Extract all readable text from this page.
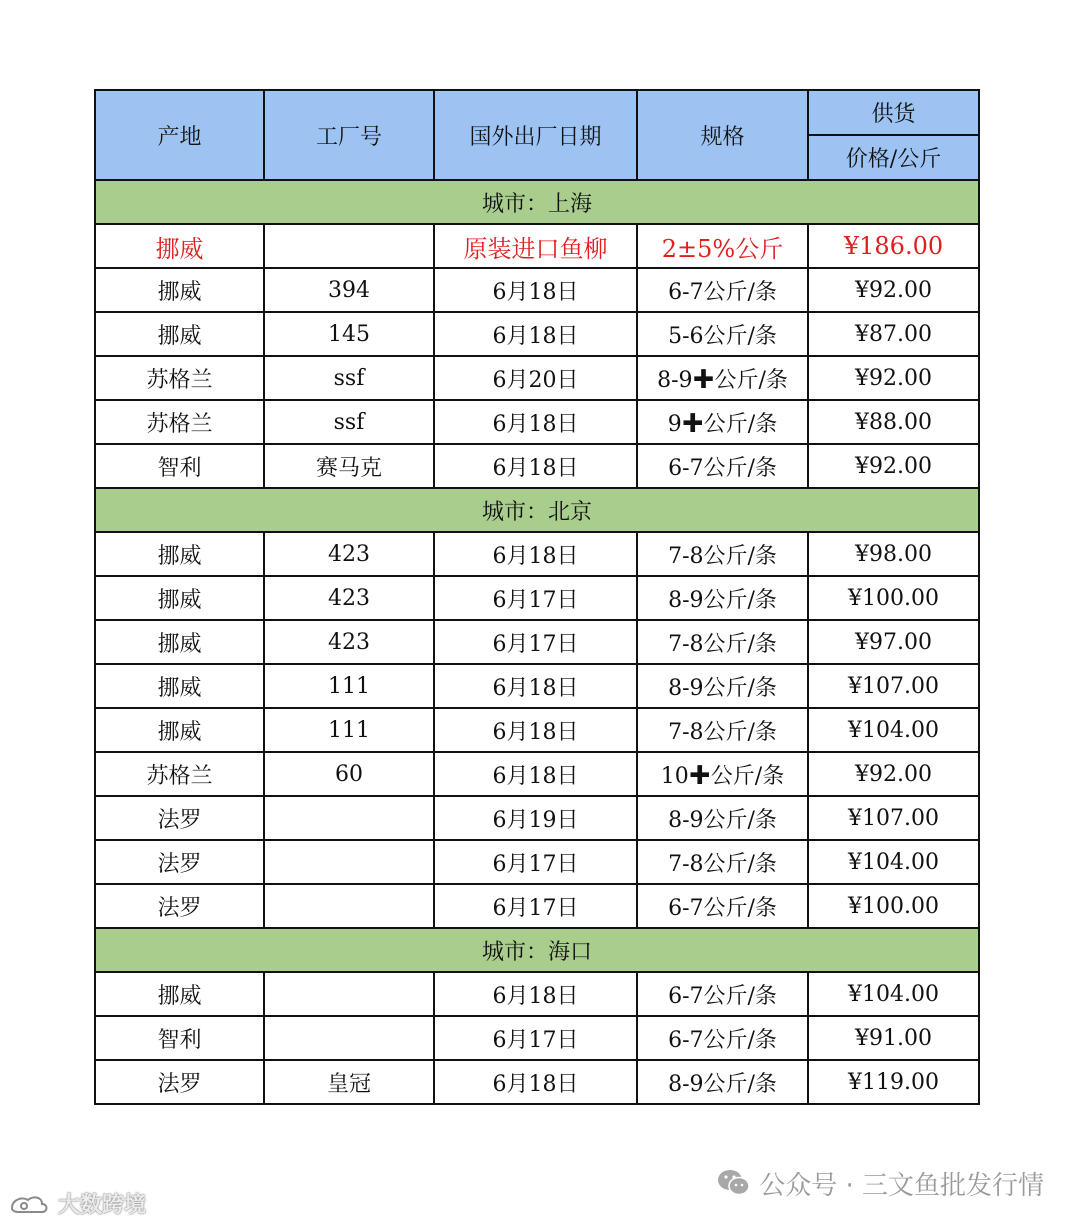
产地	工厂号	国外出厂日期	规格	供货
				价格/公斤
城市：上海				
挪威		原装进口鱼柳	2±5%公斤	¥186.00
挪威	394	6月18日	6-7公斤/条	¥92.00
挪威	145	6月18日	5-6公斤/条	¥87.00
苏格兰	ssf	6月20日	8-9✚公斤/条	¥92.00
苏格兰	ssf	6月18日	9✚公斤/条	¥88.00
智利	赛马克	6月18日	6-7公斤/条	¥92.00
城市：北京				
挪威	423	6月18日	7-8公斤/条	¥98.00
挪威	423	6月17日	8-9公斤/条	¥100.00
挪威	423	6月17日	7-8公斤/条	¥97.00
挪威	111	6月18日	8-9公斤/条	¥107.00
挪威	111	6月18日	7-8公斤/条	¥104.00
苏格兰	60	6月18日	10✚公斤/条	¥92.00
法罗		6月19日	8-9公斤/条	¥107.00
法罗		6月17日	7-8公斤/条	¥104.00
法罗		6月17日	6-7公斤/条	¥100.00
城市：海口				
挪威		6月18日	6-7公斤/条	¥104.00
智利		6月17日	6-7公斤/条	¥91.00
法罗	皇冠	6月18日	8-9公斤/条	¥119.00
公众号 · 三文鱼批发行情
大数跨境
